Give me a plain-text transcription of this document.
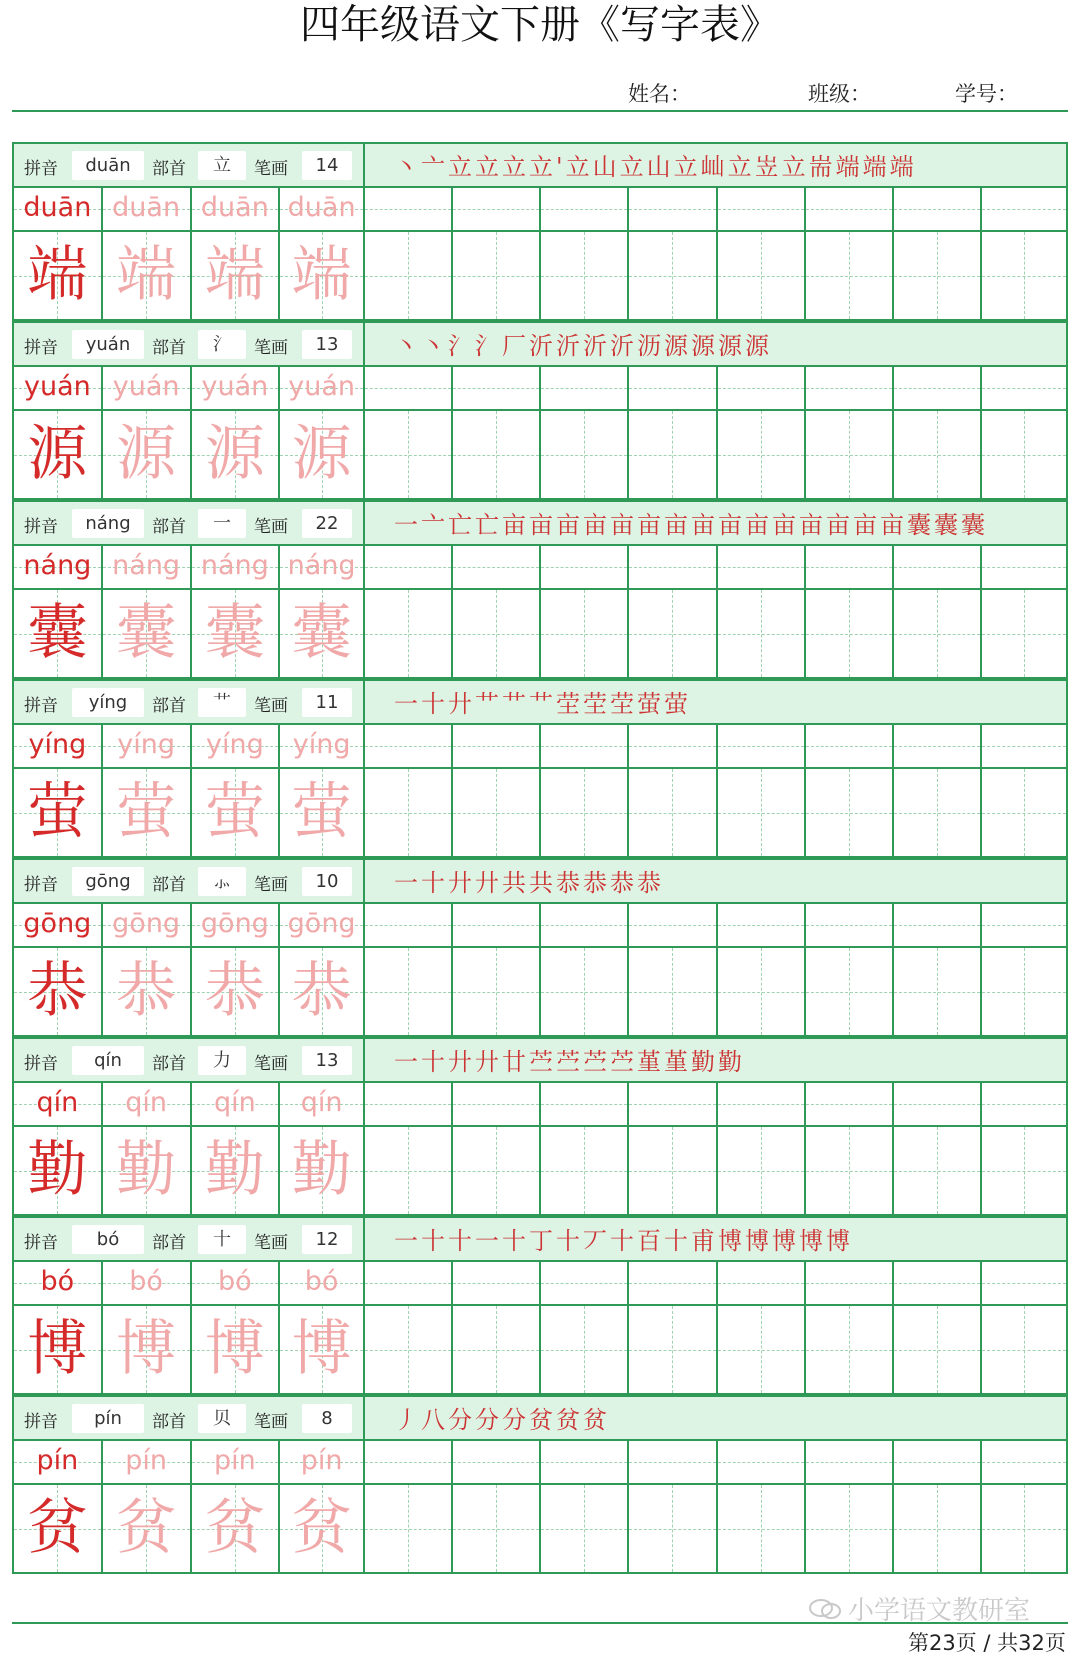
四年级语文下册《写字表》
姓名：	班级：	学号：
拼音	duān	部首	立	笔画	14	丶亠立立立立'立山立山立屾立岦立耑端端端
duān duān duān duān
端 端 端 端
拼音	yuán	部首	氵	笔画	13	丶丶氵氵厂沂沂沂沂沥源源源源
yuán yuán yuán yuán
源 源 源 源
拼音	náng	部首	一	笔画	22	一亠亡亡亩亩亩亩亩亩亩亩亩亩亩亩亩亩亩囊囊囊
náng náng náng náng
囊 囊 囊 囊
拼音	yíng	部首	艹	笔画	11	一十廾艹艹艹茔茔茔萤萤
yíng	yíng	yíng	yíng
萤 萤 萤 萤
拼音	gōng	部首	⺗	笔画	10	一十廾廾共共恭恭恭恭
gōng gōng gōng gōng
恭 恭 恭 恭
拼音	qín	部首	力	笔画	13	一十廾廾廿苎苎苎苎堇堇勤勤
qín	qín	qín	qín
勤 勤 勤 勤
拼音	bó	部首	十	笔画	12	一十十一十丁十丆十百十甫博博博博博
bó	bó	bó	bó
博 博 博 博
拼音	pín	部首	贝	笔画	8	丿八分分分贫贫贫
pín	pín	pín	pín
贫 贫 贫 贫
小学语文教研室
第23页 / 共32页
